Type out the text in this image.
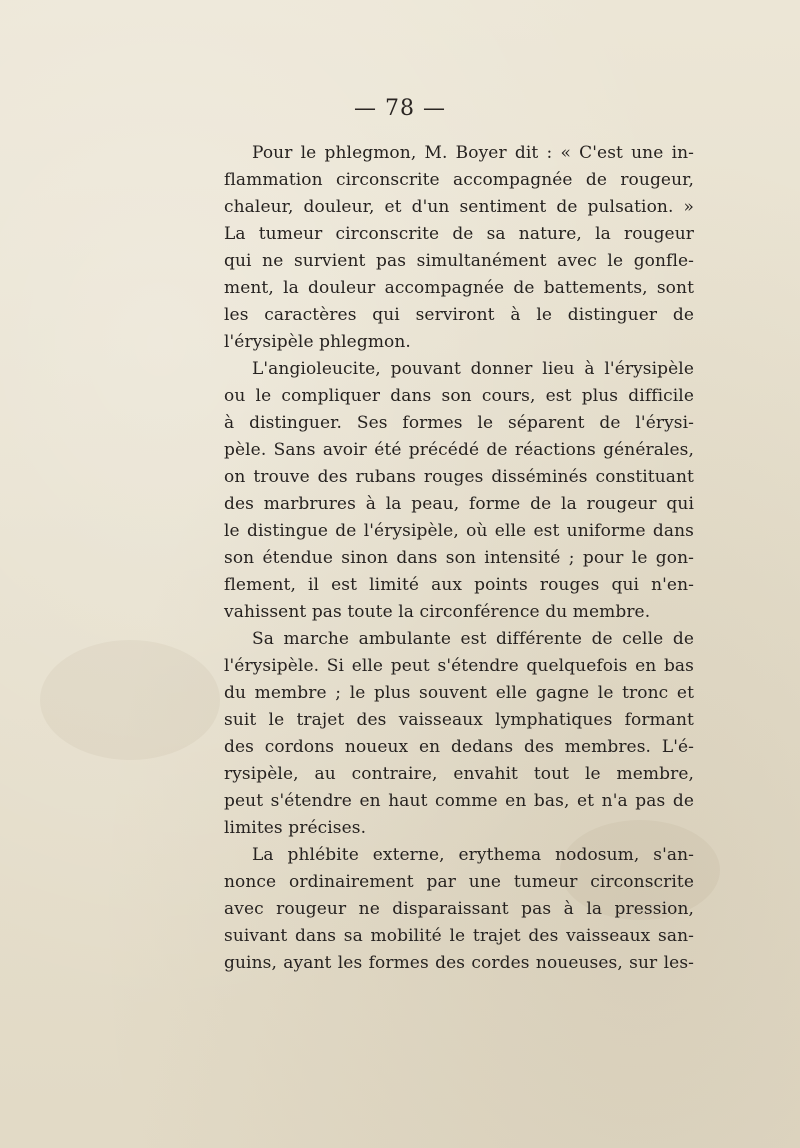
— 78 —
Pour le phlegmon, M. Boyer dit : « C'est une in-
flammation circonscrite accompagnée de rougeur,
chaleur, douleur, et d'un sentiment de pulsation. »
La tumeur circonscrite de sa nature, la rougeur
qui ne survient pas simultanément avec le gonfle-
ment, la douleur accompagnée de battements, sont
les caractères qui serviront à le distinguer de
l'érysipèle phlegmon.
L'angioleucite, pouvant donner lieu à l'érysipèle
ou le compliquer dans son cours, est plus difficile
à distinguer. Ses formes le séparent de l'érysi-
pèle. Sans avoir été précédé de réactions générales,
on trouve des rubans rouges disséminés constituant
des marbrures à la peau, forme de la rougeur qui
le distingue de l'érysipèle, où elle est uniforme dans
son étendue sinon dans son intensité ; pour le gon-
flement, il est limité aux points rouges qui n'en-
vahissent pas toute la circonférence du membre.
Sa marche ambulante est différente de celle de
l'érysipèle. Si elle peut s'étendre quelquefois en bas
du membre ; le plus souvent elle gagne le tronc et
suit le trajet des vaisseaux lymphatiques formant
des cordons noueux en dedans des membres. L'é-
rysipèle, au contraire, envahit tout le membre,
peut s'étendre en haut comme en bas, et n'a pas de
limites précises.
La phlébite externe, erythema nodosum, s'an-
nonce ordinairement par une tumeur circonscrite
avec rougeur ne disparaissant pas à la pression,
suivant dans sa mobilité le trajet des vaisseaux san-
guins, ayant les formes des cordes noueuses, sur les-
